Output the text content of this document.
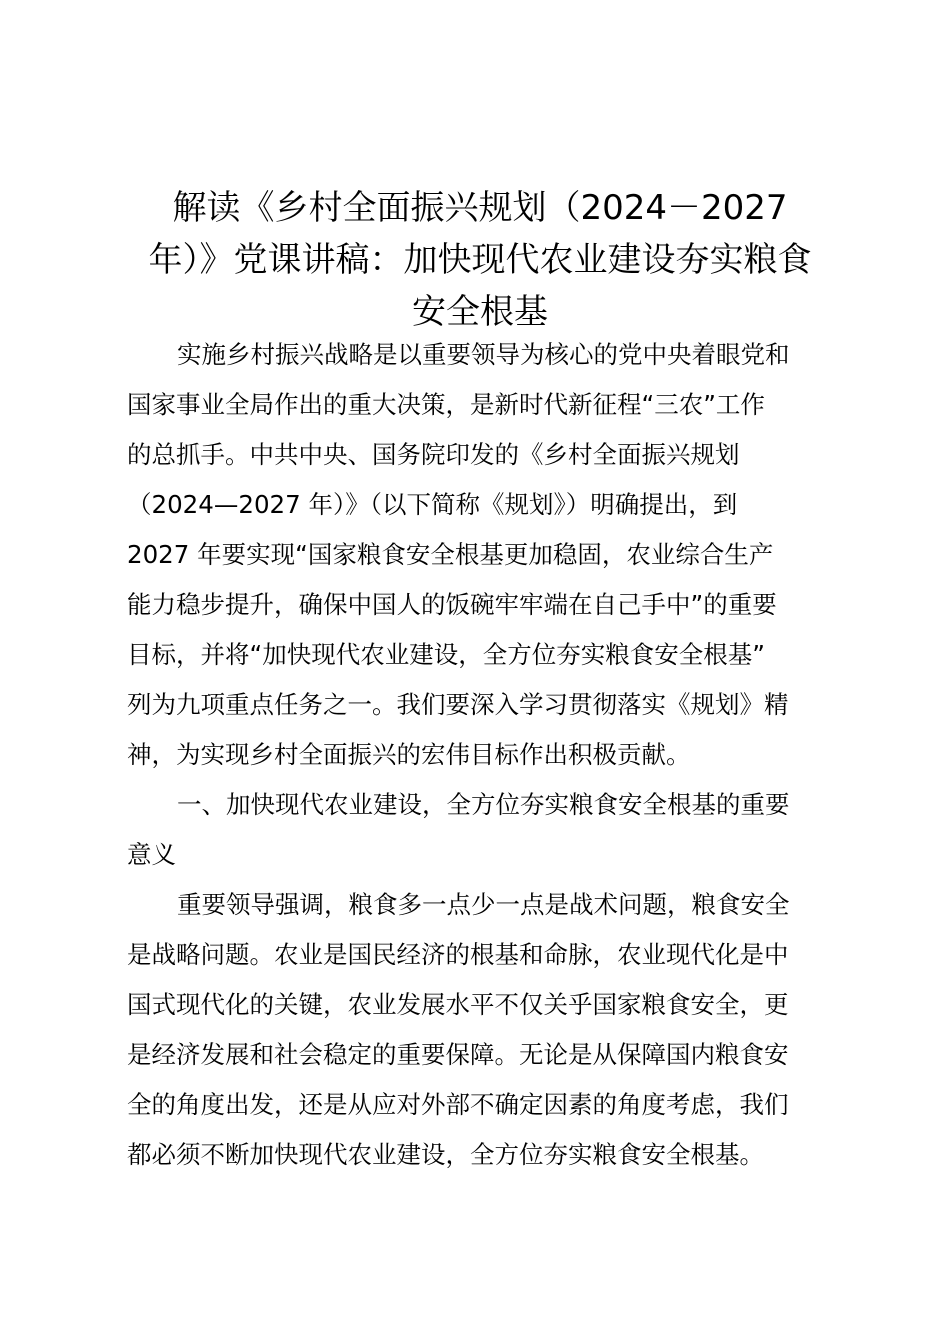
解读《乡村全面振兴规划（2024－2027
年）》党课讲稿：加快现代农业建设夯实粮食
安全根基
实施乡村振兴战略是以重要领导为核心的党中央着眼党和
国家事业全局作出的重大决策，是新时代新征程“三农”工作
的总抓手。中共中央、国务院印发的《乡村全面振兴规划
（2024—2027 年）》（以下简称《规划》）明确提出，到
2027 年要实现“国家粮食安全根基更加稳固，农业综合生产
能力稳步提升，确保中国人的饭碗牢牢端在自己手中”的重要
目标，并将“加快现代农业建设，全方位夯实粮食安全根基”
列为九项重点任务之一。我们要深入学习贯彻落实《规划》精
神，为实现乡村全面振兴的宏伟目标作出积极贡献。
一、加快现代农业建设，全方位夯实粮食安全根基的重要
意义
重要领导强调，粮食多一点少一点是战术问题，粮食安全
是战略问题。农业是国民经济的根基和命脉，农业现代化是中
国式现代化的关键，农业发展水平不仅关乎国家粮食安全，更
是经济发展和社会稳定的重要保障。无论是从保障国内粮食安
全的角度出发，还是从应对外部不确定因素的角度考虑，我们
都必须不断加快现代农业建设，全方位夯实粮食安全根基。
